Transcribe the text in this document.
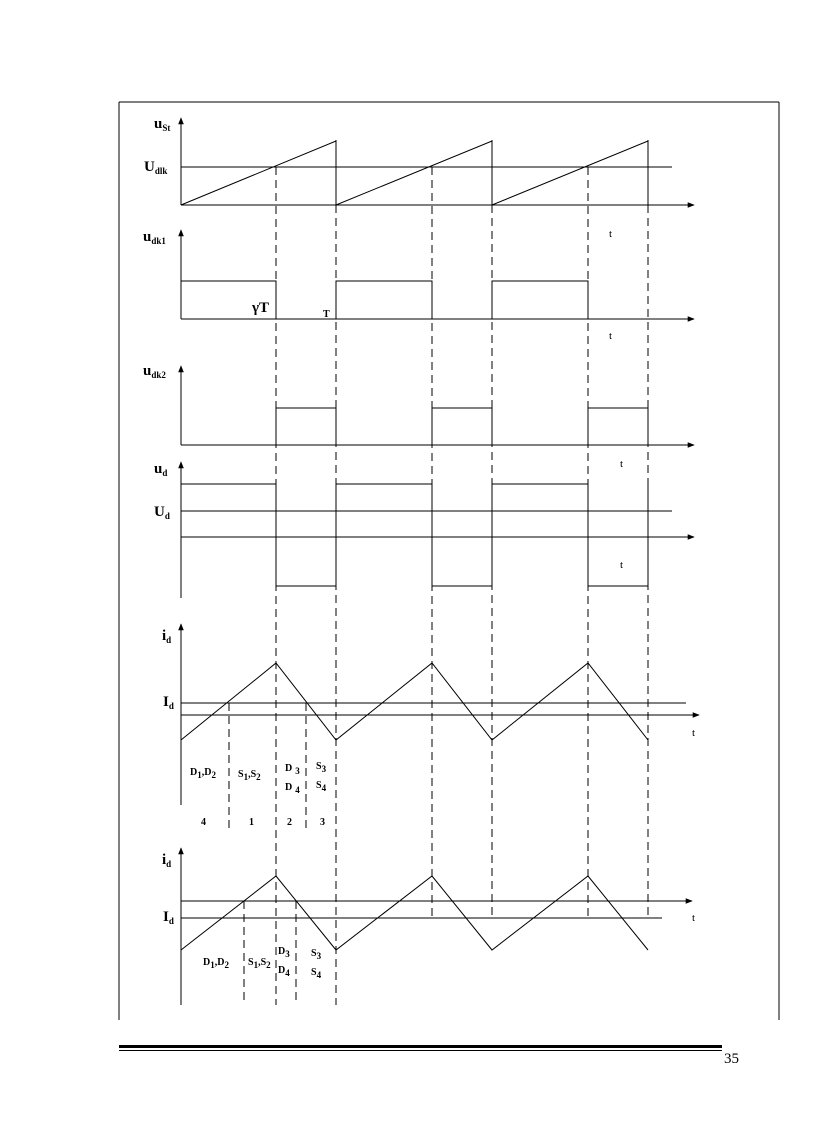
uSt
Udlk
t
udk1
γT	T
t
udk2
ud
Ud
t
t
id
Id
t
D1,D2 S1,S2
D 3
D 4
S3
S4
4	1	2	3
id
Id	t
D1,D2 S1,S2
D3
D4
S3
S4
35
